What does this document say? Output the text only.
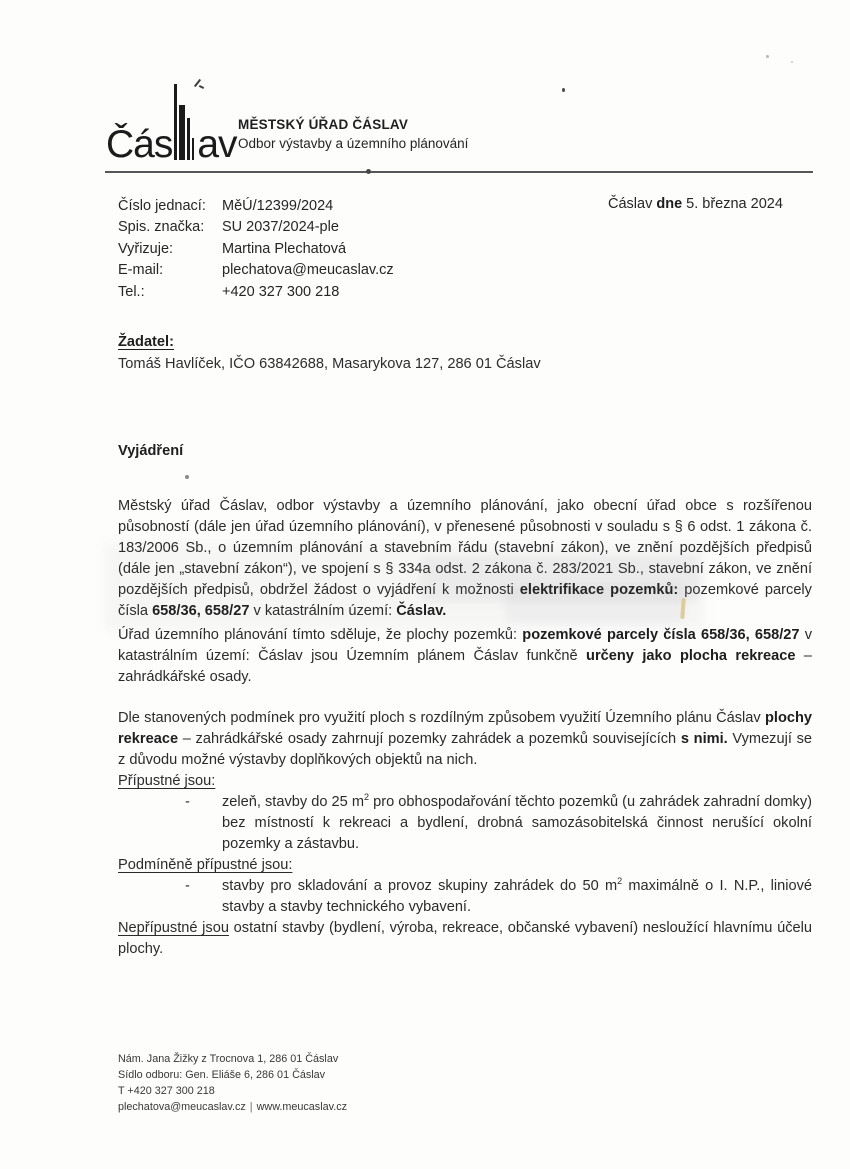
Čás av MĚSTSKÝ ÚŘAD ČÁSLAV
Odbor výstavby a územního plánování
Číslo jednací:	MěÚ/12399/2024
Spis. značka:	SU 2037/2024-ple
Vyřizuje:	Martina Plechatová
E-mail:	plechatova@meucaslav.cz
Tel.:	+420 327 300 218
Čáslav dne 5. března 2024
Žadatel:
Tomáš Havlíček, IČO 63842688, Masarykova 127, 286 01 Čáslav
Vyjádření

Městský úřad Čáslav, odbor výstavby a územního plánování, jako obecní úřad obce s rozšířenou působností (dále jen úřad územního plánování), v přenesené působnosti v souladu s § 6 odst. 1 zákona č. 183/2006 Sb., o územním plánování a stavebním řádu (stavební zákon), ve znění pozdějších předpisů (dále jen „stavební zákon“), ve spojení s § 334a odst. 2 zákona č. 283/2021 Sb., stavební zákon, ve znění pozdějších předpisů, obdržel žádost o vyjádření k možnosti elektrifikace pozemků: pozemkové parcely čísla 658/36, 658/27 v katastrálním území: Čáslav.

Úřad územního plánování tímto sděluje, že plochy pozemků: pozemkové parcely čísla 658/36, 658/27 v katastrálním území: Čáslav jsou Územním plánem Čáslav funkčně určeny jako plocha rekreace – zahrádkářské osady.

Dle stanovených podmínek pro využití ploch s rozdílným způsobem využití Územního plánu Čáslav plochy rekreace – zahrádkářské osady zahrnují pozemky zahrádek a pozemků souvisejících s nimi. Vymezují se z důvodu možné výstavby doplňkových objektů na nich.

Přípustné jsou:

-	zeleň, stavby do 25 $m^2$ pro obhospodařování těchto pozemků (u zahrádek zahradní domky) bez místností k rekreaci a bydlení, drobná samozásobitelská činnost nerušící okolní pozemky a zástavbu.

Podmíněně přípustné jsou:

-	stavby pro skladování a provoz skupiny zahrádek do 50 $m^2$ maximálně o I. N.P., liniové stavby a stavby technického vybavení.

Nepřípustné jsou ostatní stavby (bydlení, výroba, rekreace, občanské vybavení) nesloužící hlavnímu účelu plochy.

Nám. Jana Žižky z Trocnova 1, 286 01 Čáslav
Sídlo odboru: Gen. Eliáše 6, 286 01 Čáslav
T +420 327 300 218
plechatova@meucaslav.cz | www.meucaslav.cz
